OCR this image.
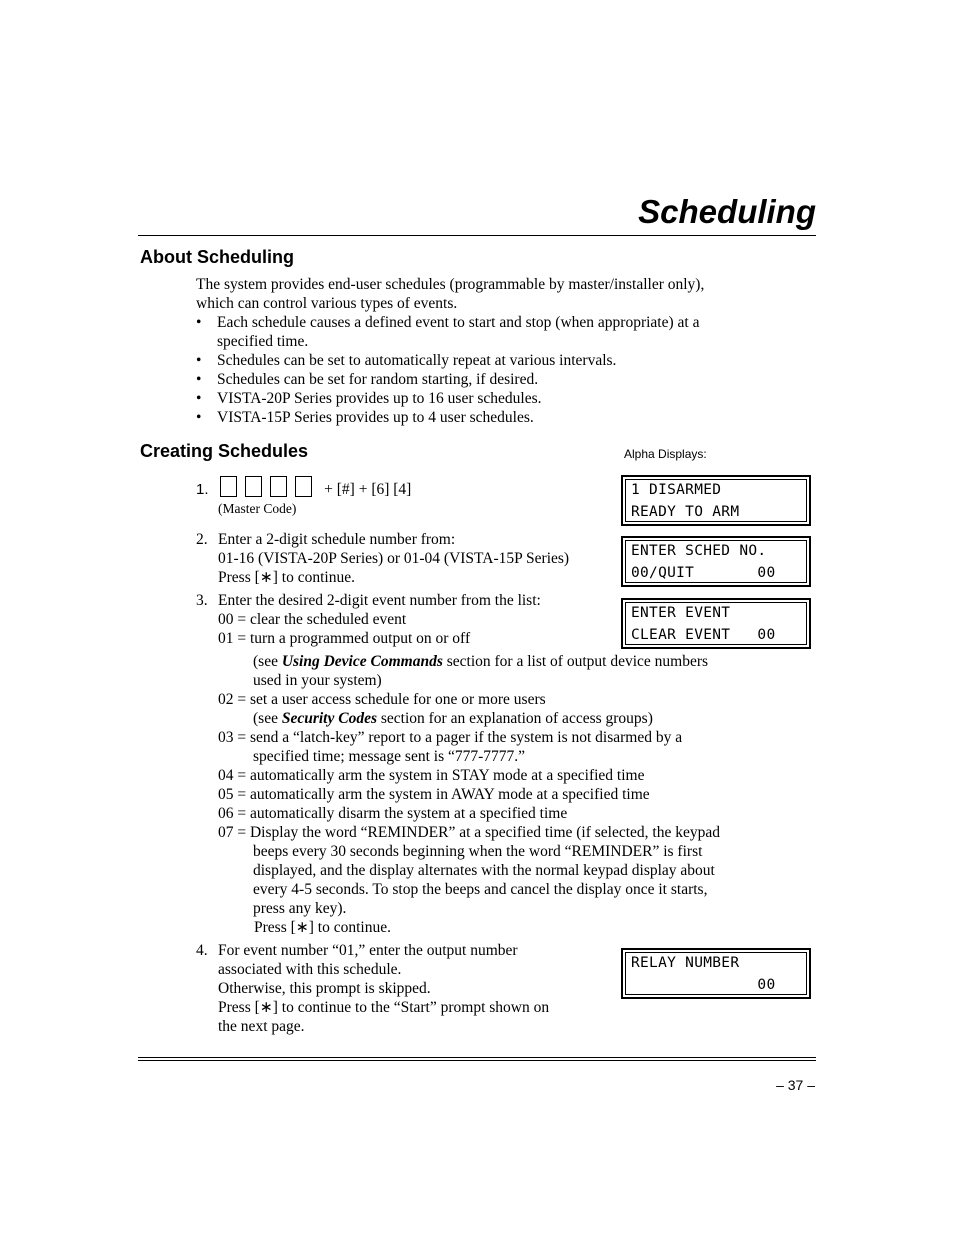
Scheduling
About Scheduling
The system provides end-user schedules (programmable by master/installer only),
which can control various types of events.
•	Each schedule causes a defined event to start and stop (when appropriate) at a
specified time.
•	Schedules can be set to automatically repeat at various intervals.
•	Schedules can be set for random starting, if desired.
•	VISTA-20P Series provides up to 16 user schedules.
•	VISTA-15P Series provides up to 4 user schedules.
Creating Schedules	Alpha Displays:
1.	+ [#] + [6] [4]
(Master Code)
2. Enter a 2-digit schedule number from:
01-16 (VISTA-20P Series) or 01-04 (VISTA-15P Series)
Press [∗] to continue.
3. Enter the desired 2-digit event number from the list:
00 = clear the scheduled event
01 = turn a programmed output on or off
(see Using Device Commands section for a list of output device numbers
used in your system)
02 = set a user access schedule for one or more users
(see Security Codes section for an explanation of access groups)
03 = send a “latch-key” report to a pager if the system is not disarmed by a
specified time; message sent is “777-7777.”
04 = automatically arm the system in STAY mode at a specified time
05 = automatically arm the system in AWAY mode at a specified time
06 = automatically disarm the system at a specified time
07 = Display the word “REMINDER” at a specified time (if selected, the keypad
beeps every 30 seconds beginning when the word “REMINDER” is first
displayed, and the display alternates with the normal keypad display about
every 4-5 seconds. To stop the beeps and cancel the display once it starts,
press any key).
Press [∗] to continue.
4. For event number “01,” enter the output number
associated with this schedule.
Otherwise, this prompt is skipped.
Press [∗] to continue to the “Start” prompt shown on
the next page.
1 DISARMED
READY TO ARM
ENTER SCHED NO.
00/QUIT       00
ENTER EVENT
CLEAR EVENT   00
RELAY NUMBER
00
– 37 –
